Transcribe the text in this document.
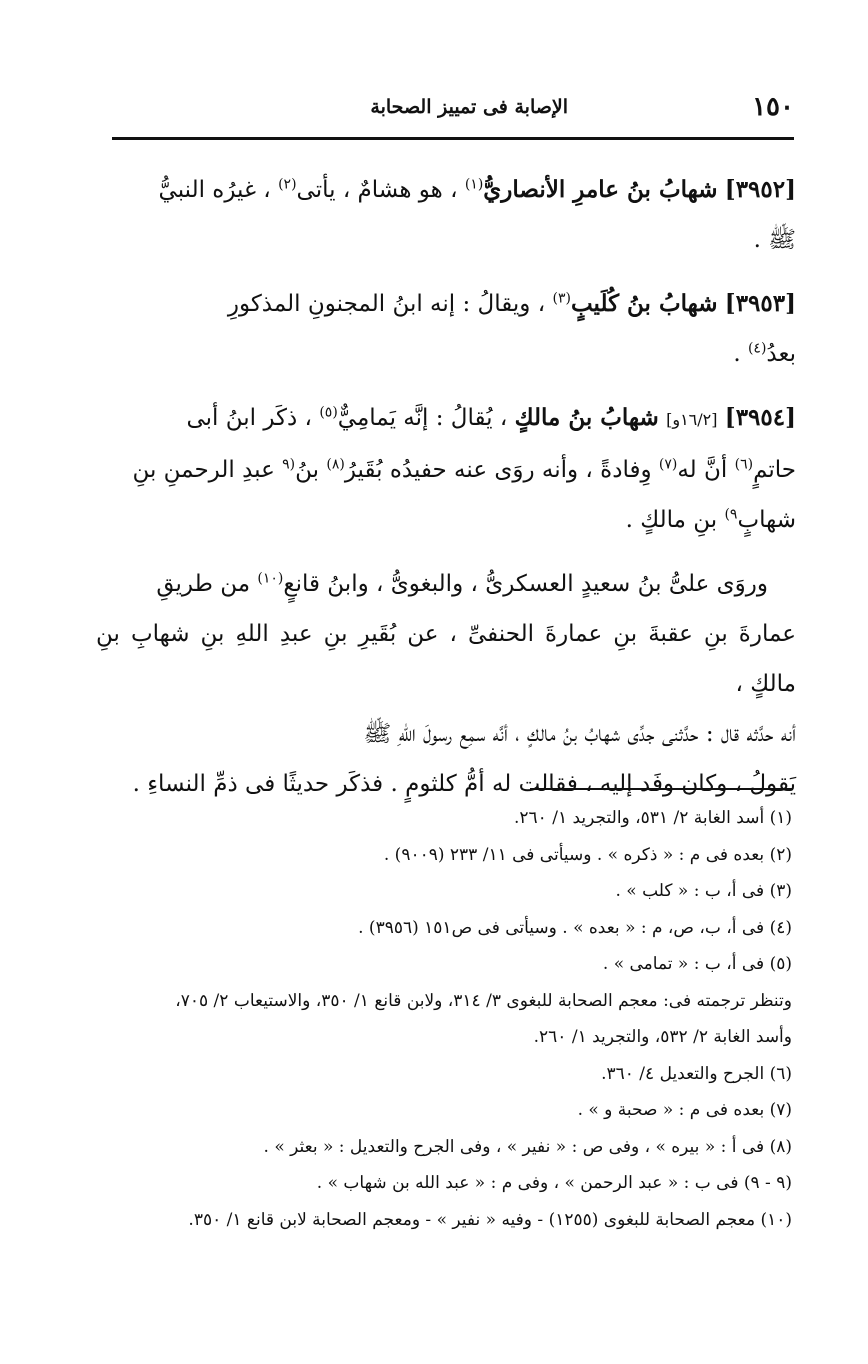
١٥٠
الإصابة فى تمييز الصحابة

[٣٩٥٢] شهابُ بنُ عامرِ الأنصاريُّ$^{(١)}$ ، هو هشامٌ ، يأتى$^{(٢)}$ ، غيرُه النبيُّ

ﷺ .

[٣٩٥٣] شهابُ بنُ كُلَيبٍ$^{(٣)}$ ، ويقالُ : إنه ابنُ المجنونِ المذكورِ

بعدُ$^{(٤)}$ .

[٣٩٥٤] [١٦/٢و] شهابُ بنُ مالكٍ ، يُقالُ : إنَّه يَمامِيٌّ$^{(٥)}$ ، ذكَر ابنُ أبى

حاتمٍ$^{(٦)}$ أنَّ له$^{(٧)}$ وِفادةً ، وأنه روَى عنه حفيدُه بُقَيرُ$^{(٨)}$ بنُ$^{(٩}$ عبدِ الرحمنِ بنِ

شهابٍ$^{٩)}$ بنِ مالكٍ .

وروَى علىُّ بنُ سعيدٍ العسكرىُّ ، والبغوىُّ ، وابنُ قانعٍ$^{(١٠)}$ من طريقِ

عمارةَ بنِ عقبةَ بنِ عمارةَ الحنفىِّ ، عن بُقَيرِ بنِ عبدِ اللهِ بنِ شهابِ بنِ مالكٍ ،

أنه حدَّثه قال : حدَّثنى جدِّى شهابُ بنُ مالكٍ ، أنَّه سمِع رسولَ اللهِ ﷺ

يَقولُ ، وكان وفَد إليه ، فقالت له أمُّ كلثومٍ . فذكَر حديثًا فى ذمِّ النساءِ .

(١) أسد الغابة ٢/ ٥٣١، والتجريد ١/ ٢٦٠.
(٢) بعده فى م : « ذكره » . وسيأتى فى ١١/ ٢٣٣ (٩٠٠٩) .
(٣) فى أ، ب : « كلب » .
(٤) فى أ، ب، ص، م : « بعده » . وسيأتى فى ص١٥١ (٣٩٥٦) .
(٥) فى أ، ب : « تمامى » .
وتنظر ترجمته فى: معجم الصحابة للبغوى ٣/ ٣١٤، ولابن قانع ١/ ٣٥٠، والاستيعاب ٢/ ٧٠٥،
وأسد الغابة ٢/ ٥٣٢، والتجريد ١/ ٢٦٠.
(٦) الجرح والتعديل ٤/ ٣٦٠.
(٧) بعده فى م : « صحبة و » .
(٨) فى أ : « بيره » ، وفى ص : « نفير » ، وفى الجرح والتعديل : « بعثر » .
(٩ - ٩) فى ب : « عبد الرحمن » ، وفى م : « عبد الله بن شهاب » .
(١٠) معجم الصحابة للبغوى (١٢٥٥) - وفيه « نفير » - ومعجم الصحابة لابن قانع ١/ ٣٥٠.
